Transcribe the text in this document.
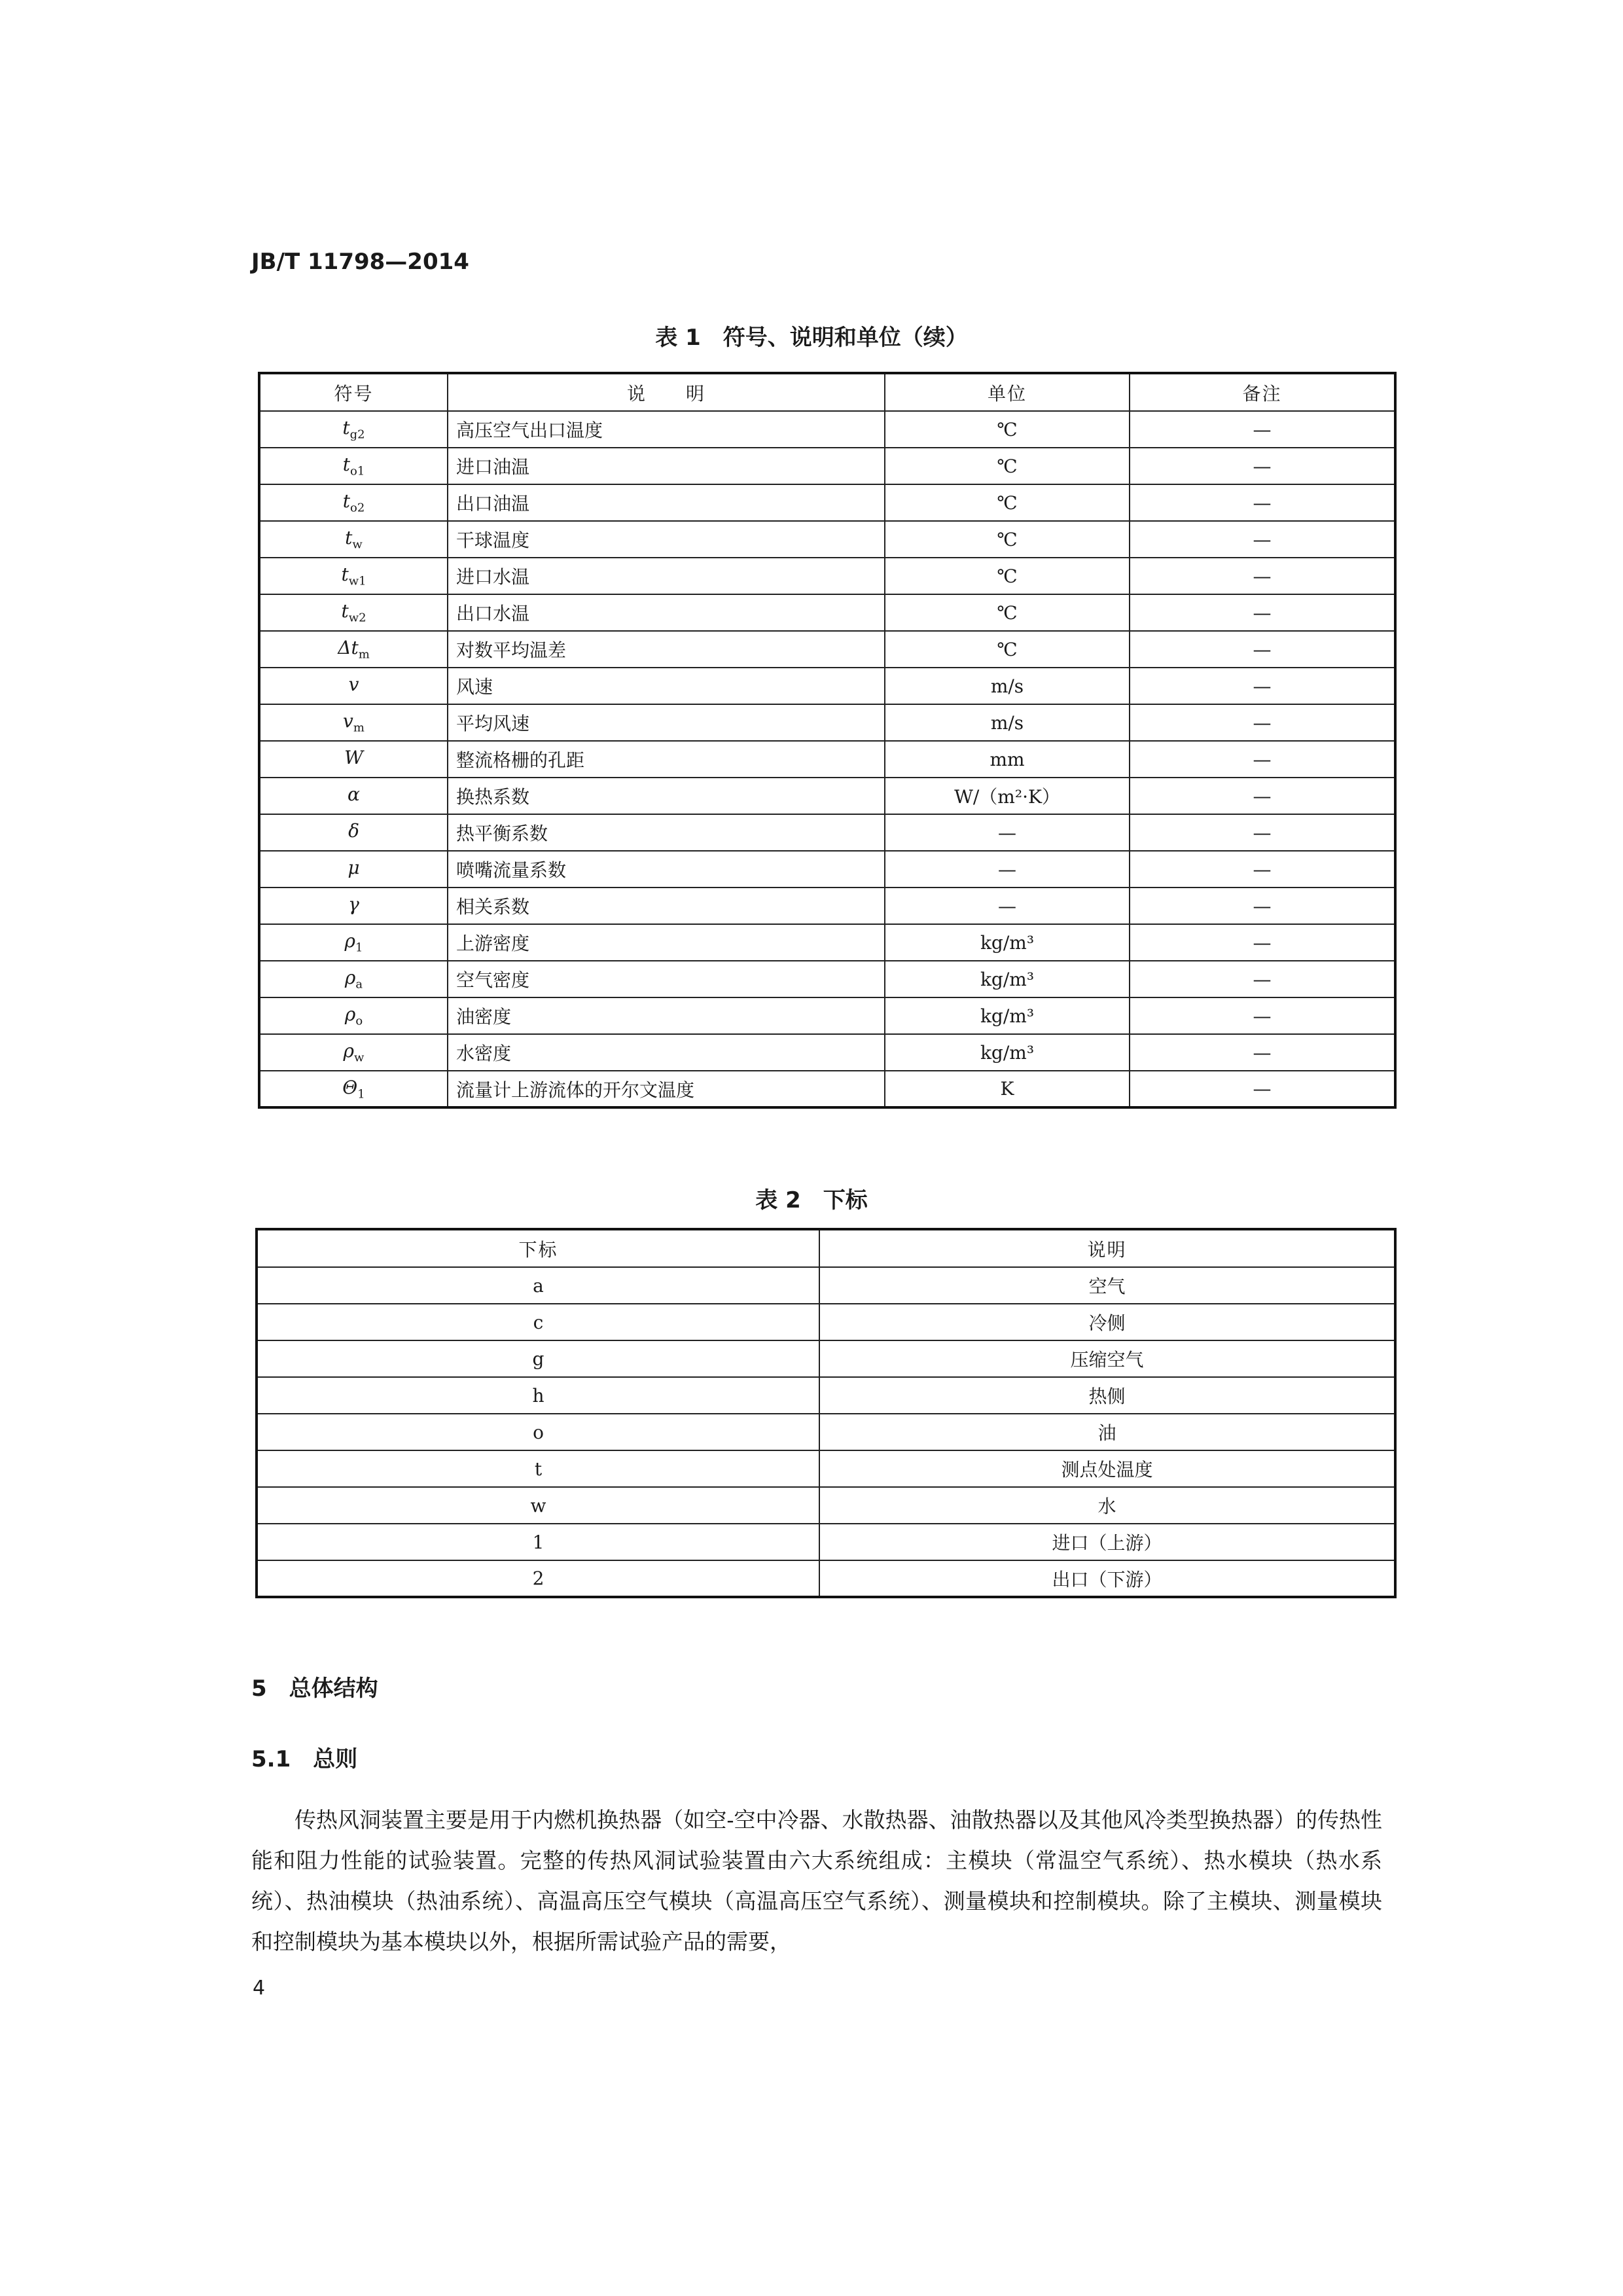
JB/T 11798—2014
表 1　符号、说明和单位（续）
符号	说　　明	单位	备注
$t_{g2}$	高压空气出口温度	℃	—
$t_{o1}$	进口油温	℃	—
$t_{o2}$	出口油温	℃	—
$t_w$	干球温度	℃	—
$t_{w1}$	进口水温	℃	—
$t_{w2}$	出口水温	℃	—
$\Delta t_m$	对数平均温差	℃	—
v	风速	m/s	—
$v_m$	平均风速	m/s	—
W	整流格栅的孔距	mm	—
α	换热系数	W/（m²·K）	—
δ	热平衡系数	—	—
μ	喷嘴流量系数	—	—
γ	相关系数	—	—
$\rho_1$	上游密度	kg/m³	—
$\rho_a$	空气密度	kg/m³	—
$\rho_o$	油密度	kg/m³	—
$\rho_w$	水密度	kg/m³	—
$\Theta_1$	流量计上游流体的开尔文温度	K	—
表 2　下标
下标	说明
a	空气
c	冷侧
g	压缩空气
h	热侧
o	油
t	测点处温度
w	水
1	进口（上游）
2	出口（下游）
5　总体结构
5.1　总则
传热风洞装置主要是用于内燃机换热器（如空-空中冷器、水散热器、油散热器以及其他风冷类型换热器）的传热性能和阻力性能的试验装置。完整的传热风洞试验装置由六大系统组成：主模块（常温空气系统）、热水模块（热水系统）、热油模块（热油系统）、高温高压空气模块（高温高压空气系统）、测量模块和控制模块。除了主模块、测量模块和控制模块为基本模块以外，根据所需试验产品的需要，
4
